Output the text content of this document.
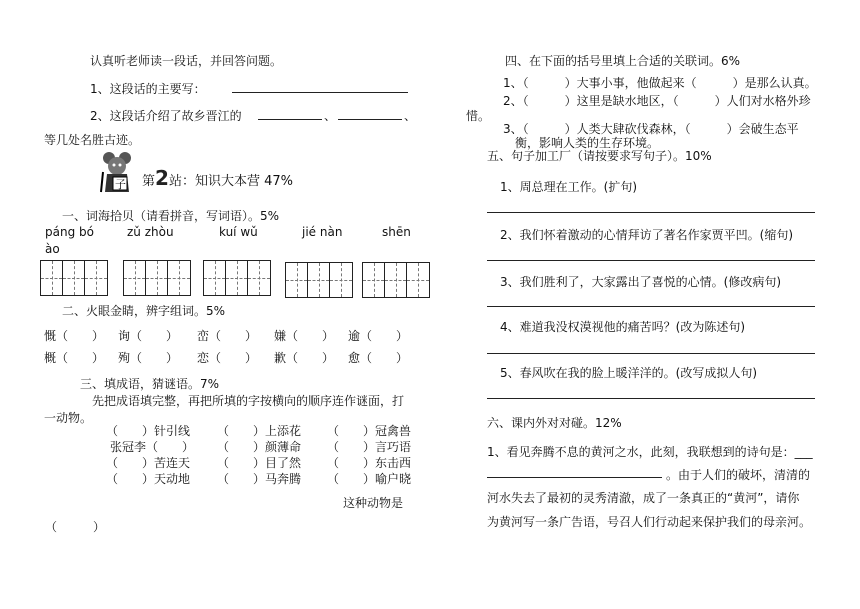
认真听老师读一段话，并回答问题。
1、这段话的主要写：
2、这段话介绍了故乡晋江的	、	、	惜。
等几处名胜古迹。
子 第2站：知识大本营 47%
一、词海拾贝（请看拼音，写词语）。5%
páng bó	zǔ zhòu	kuí wǔ	jié nàn	shēn
ào
二、火眼金睛，辨字组词。5%
慨（　　） 询（　　） 峦（　　） 嫌（　　） 逾（　　）
概（　　） 殉（　　） 恋（　　） 歉（　　） 愈（　　）
三、填成语，猜谜语。7%
先把成语填完整，再把所填的字按横向的顺序连作谜面，打
一动物。
（　　）针引线 （　　）上添花 （　　）冠禽兽
张冠李（　　） （　　）颜薄命 （　　）言巧语
（　　）苦连天 （　　）目了然 （　　）东击西
（　　）天动地 （　　）马奔腾 （　　）喻户晓
这种动物是
（　　　）
四、在下面的括号里填上合适的关联词。6%
1、（　　　）大事小事，他做起来（　　　）是那么认真。
2、（　　　）这里是缺水地区，（　　　）人们对水格外珍
3、（　　　）人类大肆砍伐森林，（　　　）会破生态平
衡，影响人类的生存环境。
五、句子加工厂（请按要求写句子）。10%
1、周总理在工作。(扩句)
2、我们怀着激动的心情拜访了著名作家贾平凹。(缩句)
3、我们胜利了，大家露出了喜悦的心情。(修改病句)
4、难道我没权漠视他的痛苦吗？(改为陈述句)
5、春风吹在我的脸上暖洋洋的。(改写成拟人句)
六、课内外对对碰。12%
1、看见奔腾不息的黄河之水，此刻，我联想到的诗句是：___
。由于人们的破坏，清清的
河水失去了最初的灵秀清澈，成了一条真正的“黄河”，请你
为黄河写一条广告语，号召人们行动起来保护我们的母亲河。
